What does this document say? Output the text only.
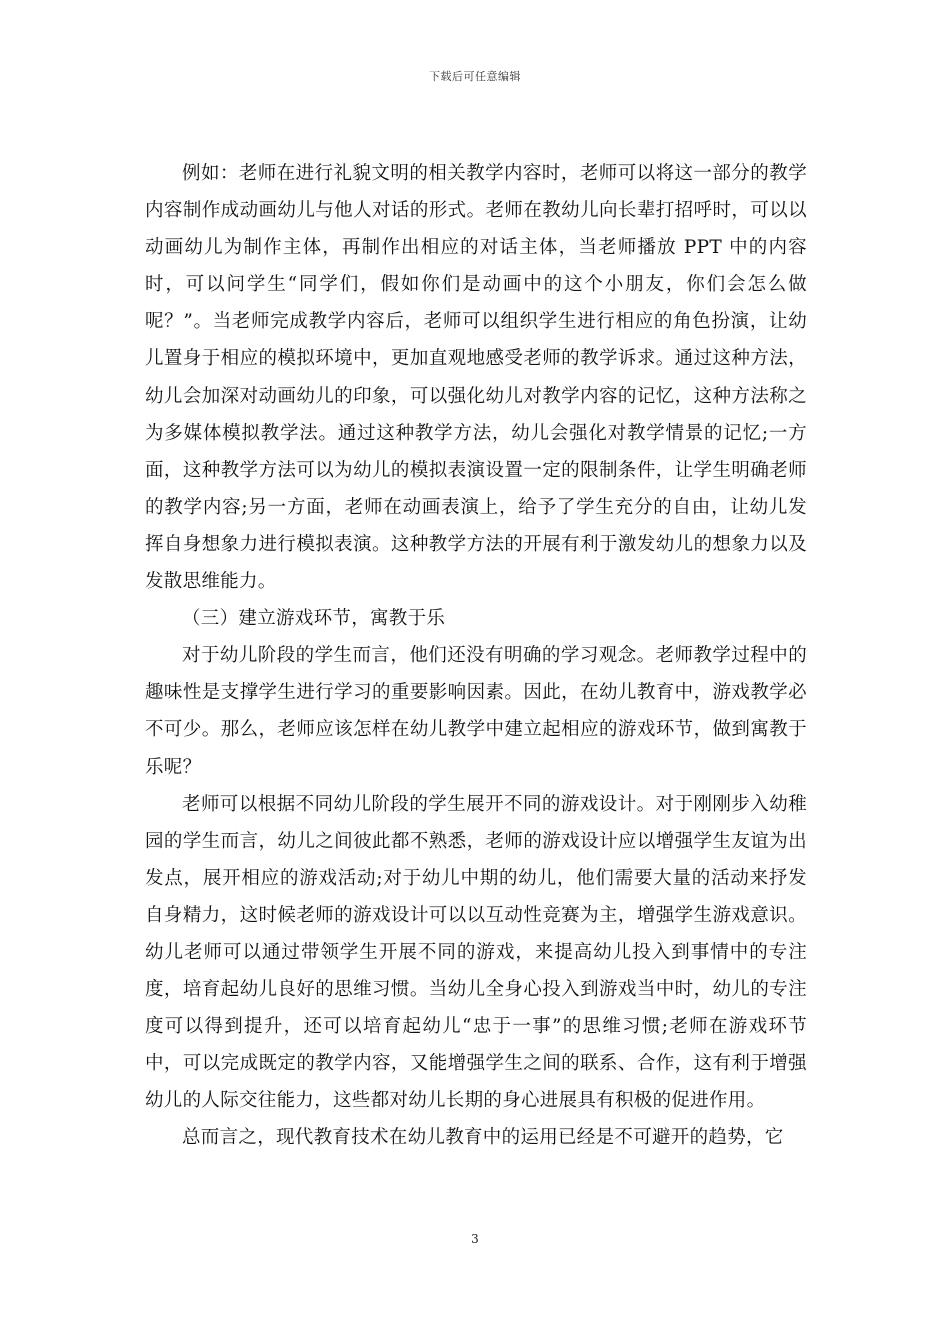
下载后可任意编辑

例如：老师在进行礼貌文明的相关教学内容时，老师可以将这一部分的教学内容制作成动画幼儿与他人对话的形式。老师在教幼儿向长辈打招呼时，可以以动画幼儿为制作主体，再制作出相应的对话主体，当老师播放 PPT 中的内容时，可以问学生“同学们，假如你们是动画中的这个小朋友，你们会怎么做呢？”。当老师完成教学内容后，老师可以组织学生进行相应的角色扮演，让幼儿置身于相应的模拟环境中，更加直观地感受老师的教学诉求。通过这种方法，幼儿会加深对动画幼儿的印象，可以强化幼儿对教学内容的记忆，这种方法称之为多媒体模拟教学法。通过这种教学方法，幼儿会强化对教学情景的记忆;一方面，这种教学方法可以为幼儿的模拟表演设置一定的限制条件，让学生明确老师的教学内容;另一方面，老师在动画表演上，给予了学生充分的自由，让幼儿发挥自身想象力进行模拟表演。这种教学方法的开展有利于激发幼儿的想象力以及发散思维能力。

（三）建立游戏环节，寓教于乐

对于幼儿阶段的学生而言，他们还没有明确的学习观念。老师教学过程中的趣味性是支撑学生进行学习的重要影响因素。因此，在幼儿教育中，游戏教学必不可少。那么，老师应该怎样在幼儿教学中建立起相应的游戏环节，做到寓教于乐呢？

老师可以根据不同幼儿阶段的学生展开不同的游戏设计。对于刚刚步入幼稚园的学生而言，幼儿之间彼此都不熟悉，老师的游戏设计应以增强学生友谊为出发点，展开相应的游戏活动;对于幼儿中期的幼儿，他们需要大量的活动来抒发自身精力，这时候老师的游戏设计可以以互动性竞赛为主，增强学生游戏意识。幼儿老师可以通过带领学生开展不同的游戏，来提高幼儿投入到事情中的专注度，培育起幼儿良好的思维习惯。当幼儿全身心投入到游戏当中时，幼儿的专注度可以得到提升，还可以培育起幼儿“忠于一事”的思维习惯;老师在游戏环节中，可以完成既定的教学内容，又能增强学生之间的联系、合作，这有利于增强幼儿的人际交往能力，这些都对幼儿长期的身心进展具有积极的促进作用。

总而言之，现代教育技术在幼儿教育中的运用已经是不可避开的趋势，它

3
